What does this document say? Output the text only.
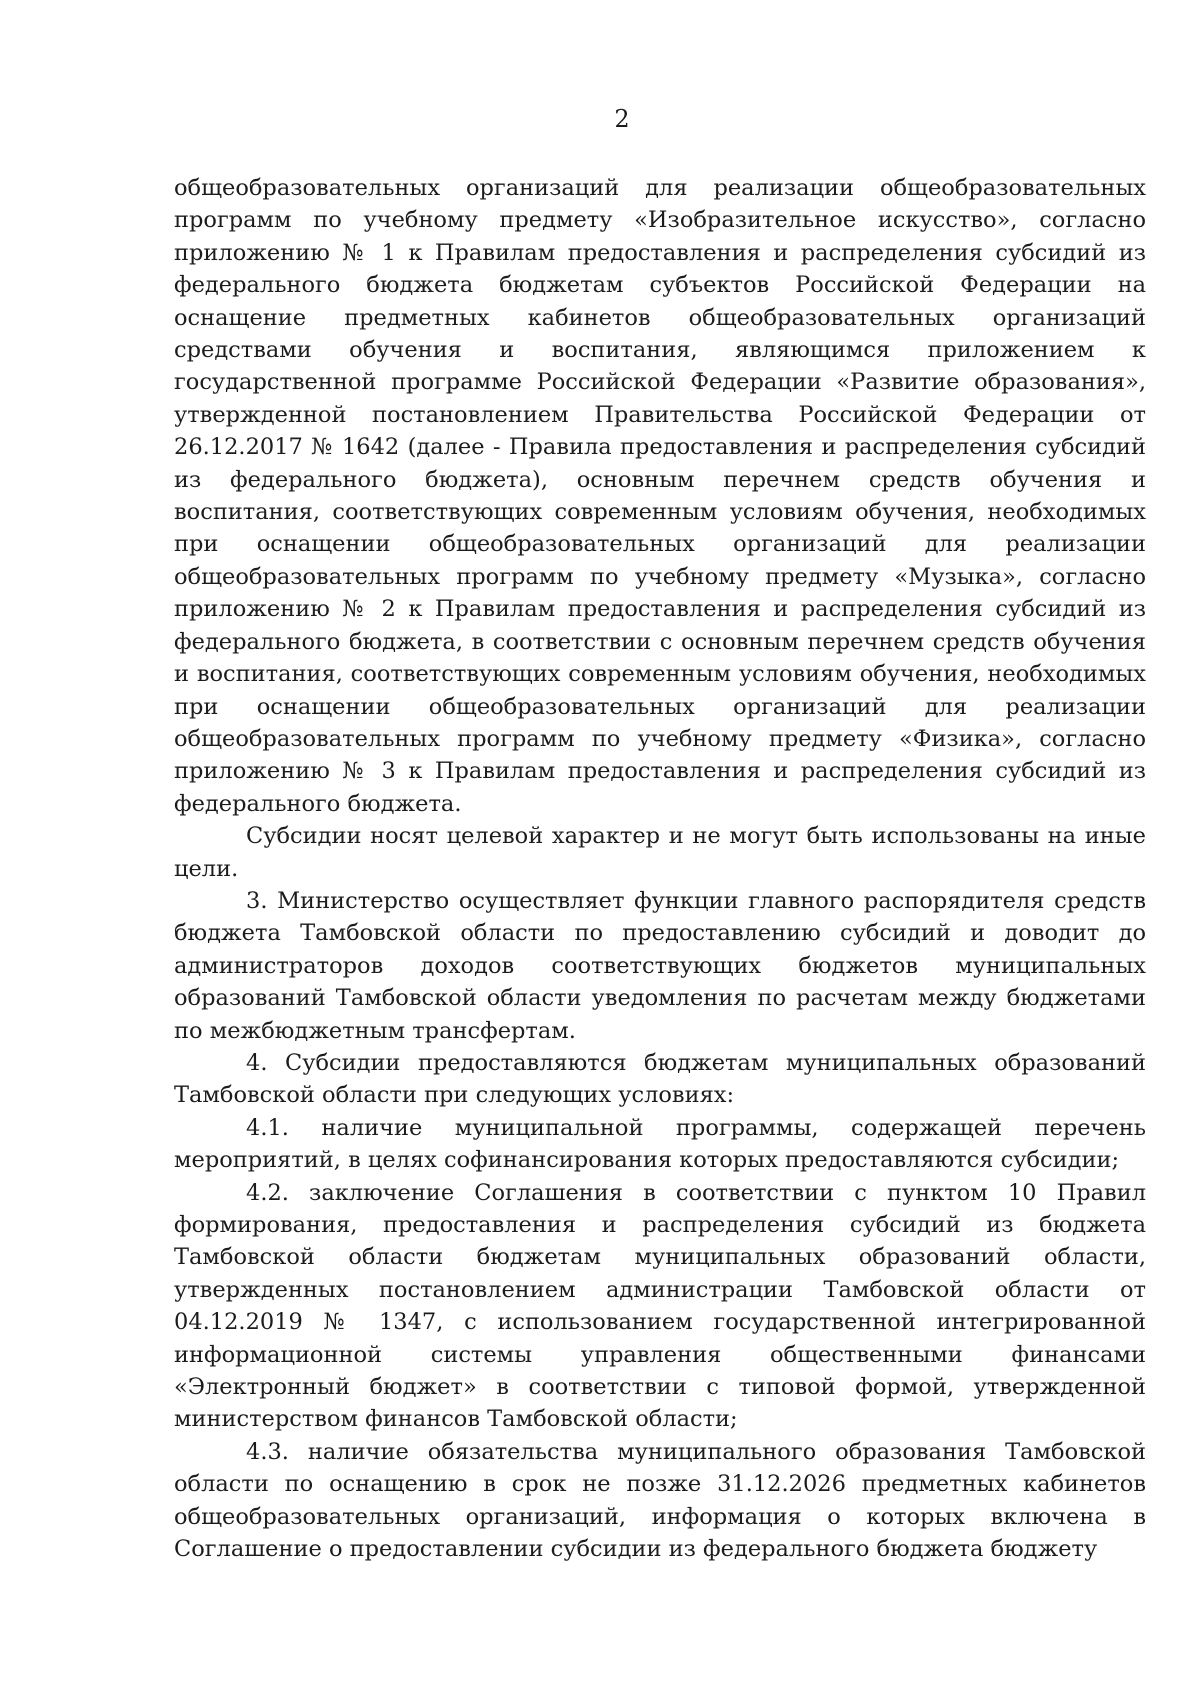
2

общеобразовательных организаций для реализации общеобразовательных программ по учебному предмету «Изобразительное искусство», согласно приложению № 1 к Правилам предоставления и распределения субсидий из федерального бюджета бюджетам субъектов Российской Федерации на оснащение предметных кабинетов общеобразовательных организаций средствами обучения и воспитания, являющимся приложением к государственной программе Российской Федерации «Развитие образования», утвержденной постановлением Правительства Российской Федерации от 26.12.2017 № 1642 (далее - Правила предоставления и распределения субсидий из федерального бюджета), основным перечнем средств обучения и воспитания, соответствующих современным условиям обучения, необходимых при оснащении общеобразовательных организаций для реализации общеобразовательных программ по учебному предмету «Музыка», согласно приложению № 2 к Правилам предоставления и распределения субсидий из федерального бюджета, в соответствии с основным перечнем средств обучения и воспитания, соответствующих современным условиям обучения, необходимых при оснащении общеобразовательных организаций для реализации общеобразовательных программ по учебному предмету «Физика», согласно приложению № 3 к Правилам предоставления и распределения субсидий из федерального бюджета.

Субсидии носят целевой характер и не могут быть использованы на иные цели.

3. Министерство осуществляет функции главного распорядителя средств бюджета Тамбовской области по предоставлению субсидий и доводит до администраторов доходов соответствующих бюджетов муниципальных образований Тамбовской области уведомления по расчетам между бюджетами по межбюджетным трансфертам.

4. Субсидии предоставляются бюджетам муниципальных образований Тамбовской области при следующих условиях:

4.1. наличие муниципальной программы, содержащей перечень мероприятий, в целях софинансирования которых предоставляются субсидии;

4.2. заключение Соглашения в соответствии с пунктом 10 Правил формирования, предоставления и распределения субсидий из бюджета Тамбовской области бюджетам муниципальных образований области, утвержденных постановлением администрации Тамбовской области от 04.12.2019 № 1347, с использованием государственной интегрированной информационной системы управления общественными финансами «Электронный бюджет» в соответствии с типовой формой, утвержденной министерством финансов Тамбовской области;

4.3. наличие обязательства муниципального образования Тамбовской области по оснащению в срок не позже 31.12.2026 предметных кабинетов общеобразовательных организаций, информация о которых включена в Соглашение о предоставлении субсидии из федерального бюджета бюджету
